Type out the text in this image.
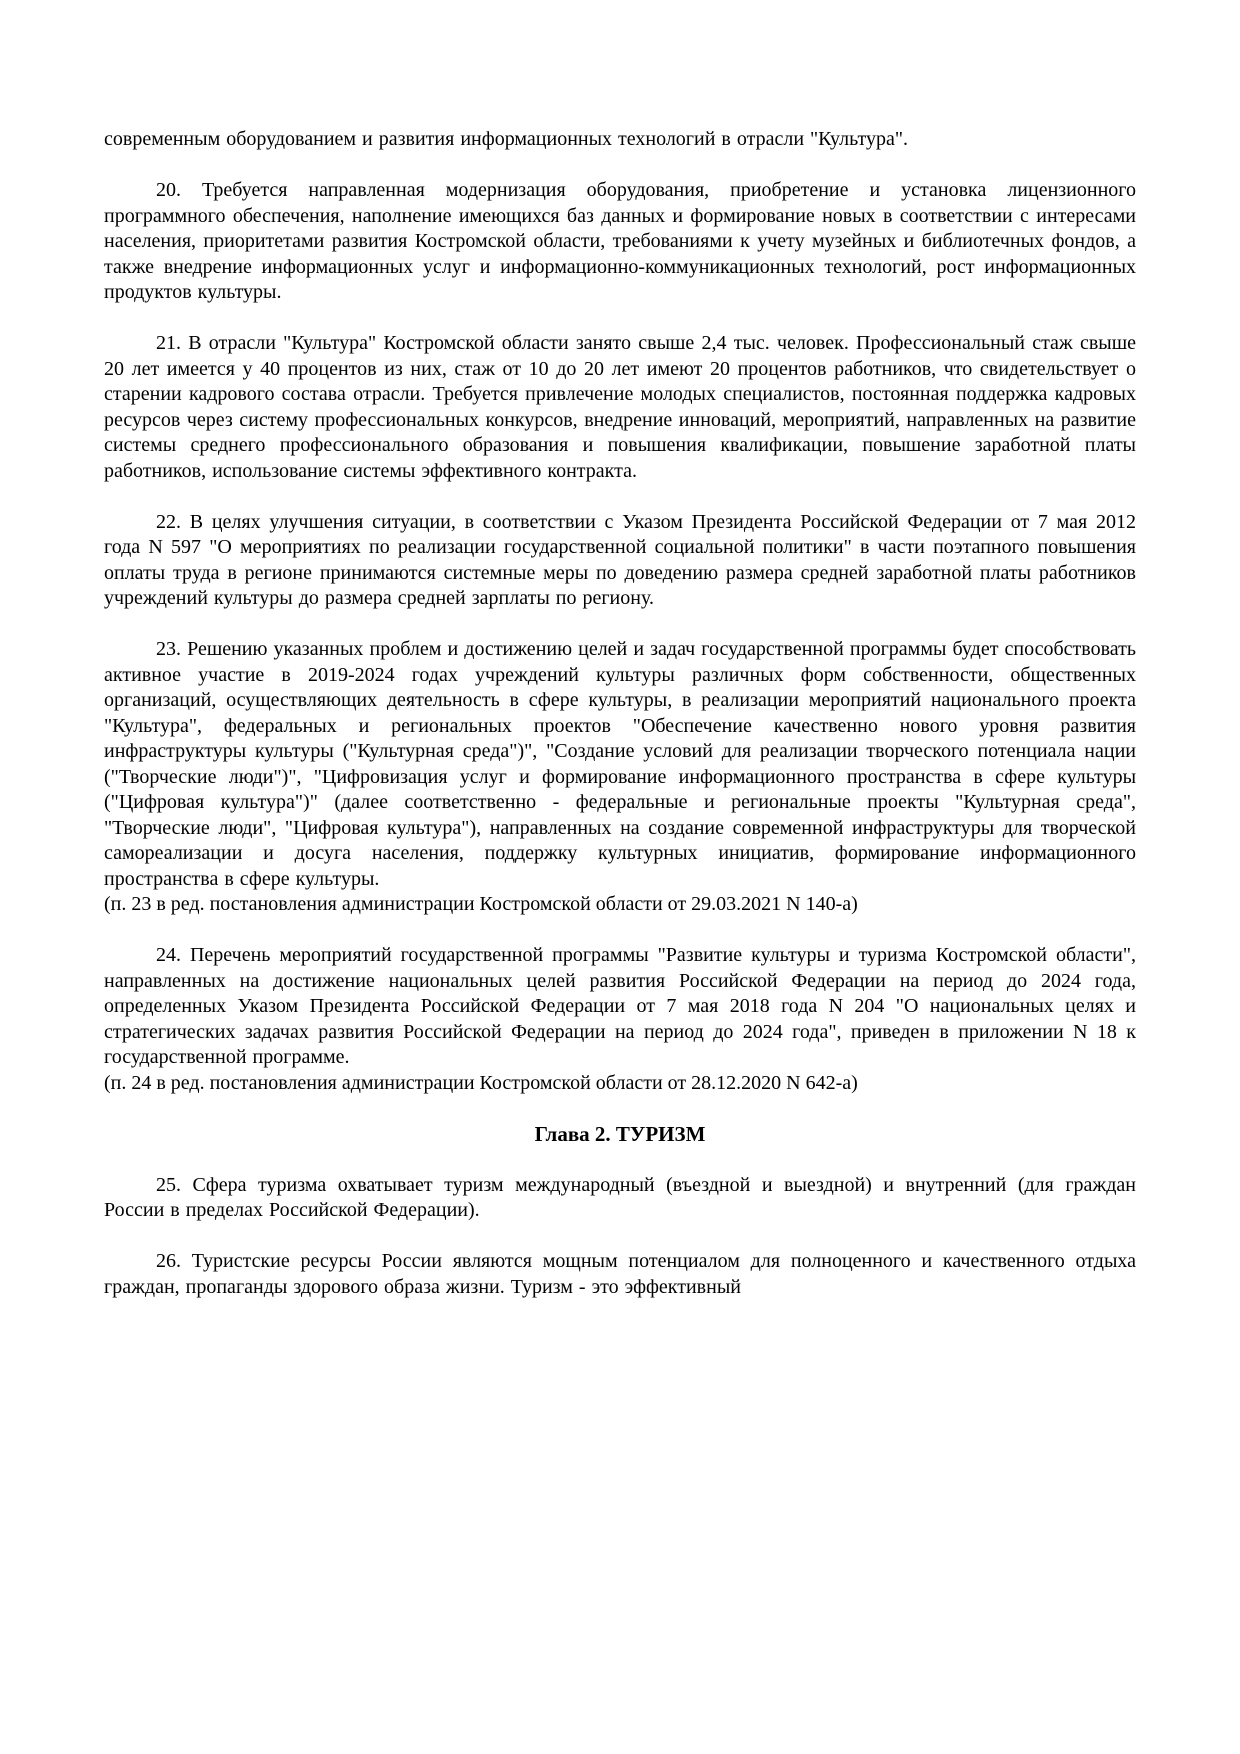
современным оборудованием и развития информационных технологий в отрасли "Культура".

20. Требуется направленная модернизация оборудования, приобретение и установка лицензионного программного обеспечения, наполнение имеющихся баз данных и формирование новых в соответствии с интересами населения, приоритетами развития Костромской области, требованиями к учету музейных и библиотечных фондов, а также внедрение информационных услуг и информационно-коммуникационных технологий, рост информационных продуктов культуры.

21. В отрасли "Культура" Костромской области занято свыше 2,4 тыс. человек. Профессиональный стаж свыше 20 лет имеется у 40 процентов из них, стаж от 10 до 20 лет имеют 20 процентов работников, что свидетельствует о старении кадрового состава отрасли. Требуется привлечение молодых специалистов, постоянная поддержка кадровых ресурсов через систему профессиональных конкурсов, внедрение инноваций, мероприятий, направленных на развитие системы среднего профессионального образования и повышения квалификации, повышение заработной платы работников, использование системы эффективного контракта.

22. В целях улучшения ситуации, в соответствии с Указом Президента Российской Федерации от 7 мая 2012 года N 597 "О мероприятиях по реализации государственной социальной политики" в части поэтапного повышения оплаты труда в регионе принимаются системные меры по доведению размера средней заработной платы работников учреждений культуры до размера средней зарплаты по региону.

23. Решению указанных проблем и достижению целей и задач государственной программы будет способствовать активное участие в 2019-2024 годах учреждений культуры различных форм собственности, общественных организаций, осуществляющих деятельность в сфере культуры, в реализации мероприятий национального проекта "Культура", федеральных и региональных проектов "Обеспечение качественно нового уровня развития инфраструктуры культуры ("Культурная среда")", "Создание условий для реализации творческого потенциала нации ("Творческие люди")", "Цифровизация услуг и формирование информационного пространства в сфере культуры ("Цифровая культура")" (далее соответственно - федеральные и региональные проекты "Культурная среда", "Творческие люди", "Цифровая культура"), направленных на создание современной инфраструктуры для творческой самореализации и досуга населения, поддержку культурных инициатив, формирование информационного пространства в сфере культуры.

(п. 23 в ред. постановления администрации Костромской области от 29.03.2021 N 140-а)

24. Перечень мероприятий государственной программы "Развитие культуры и туризма Костромской области", направленных на достижение национальных целей развития Российской Федерации на период до 2024 года, определенных Указом Президента Российской Федерации от 7 мая 2018 года N 204 "О национальных целях и стратегических задачах развития Российской Федерации на период до 2024 года", приведен в приложении N 18 к государственной программе.

(п. 24 в ред. постановления администрации Костромской области от 28.12.2020 N 642-а)

Глава 2. ТУРИЗМ

25. Сфера туризма охватывает туризм международный (въездной и выездной) и внутренний (для граждан России в пределах Российской Федерации).

26. Туристские ресурсы России являются мощным потенциалом для полноценного и качественного отдыха граждан, пропаганды здорового образа жизни. Туризм - это эффективный
